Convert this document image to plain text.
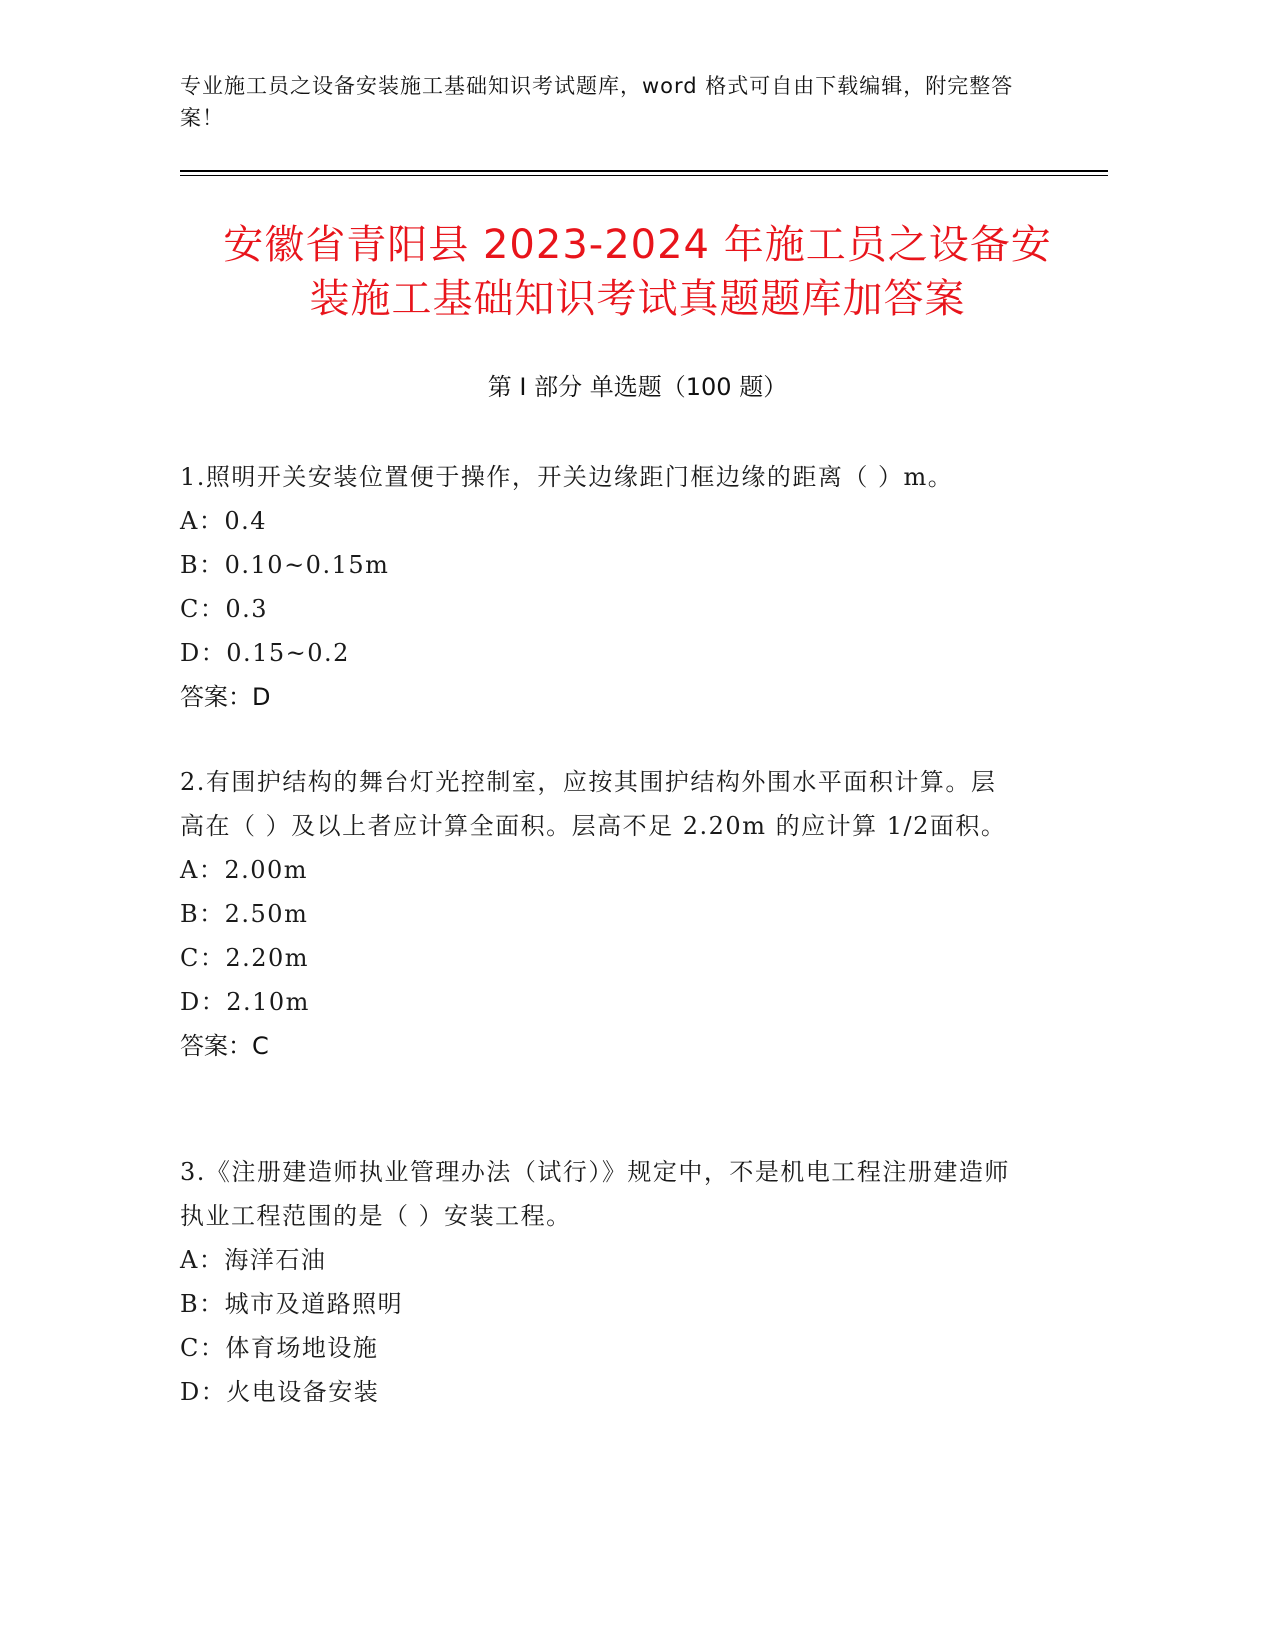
专业施工员之设备安装施工基础知识考试题库，word 格式可自由下载编辑，附完整答案！
安徽省青阳县 2023-2024 年施工员之设备安
装施工基础知识考试真题题库加答案
第 I 部分 单选题（100 题）
1.照明开关安装位置便于操作，开关边缘距门框边缘的距离（ ）m。
A：0.4
B：0.10~0.15m
C：0.3
D：0.15~0.2
答案：D
2.有围护结构的舞台灯光控制室，应按其围护结构外围水平面积计算。层高在（ ）及以上者应计算全面积。层高不足 2.20m 的应计算 1/2面积。
A：2.00m
B：2.50m
C：2.20m
D：2.10m
答案：C
3.《注册建造师执业管理办法（试行）》规定中，不是机电工程注册建造师执业工程范围的是（ ）安装工程。
A：海洋石油
B：城市及道路照明
C：体育场地设施
D：火电设备安装
